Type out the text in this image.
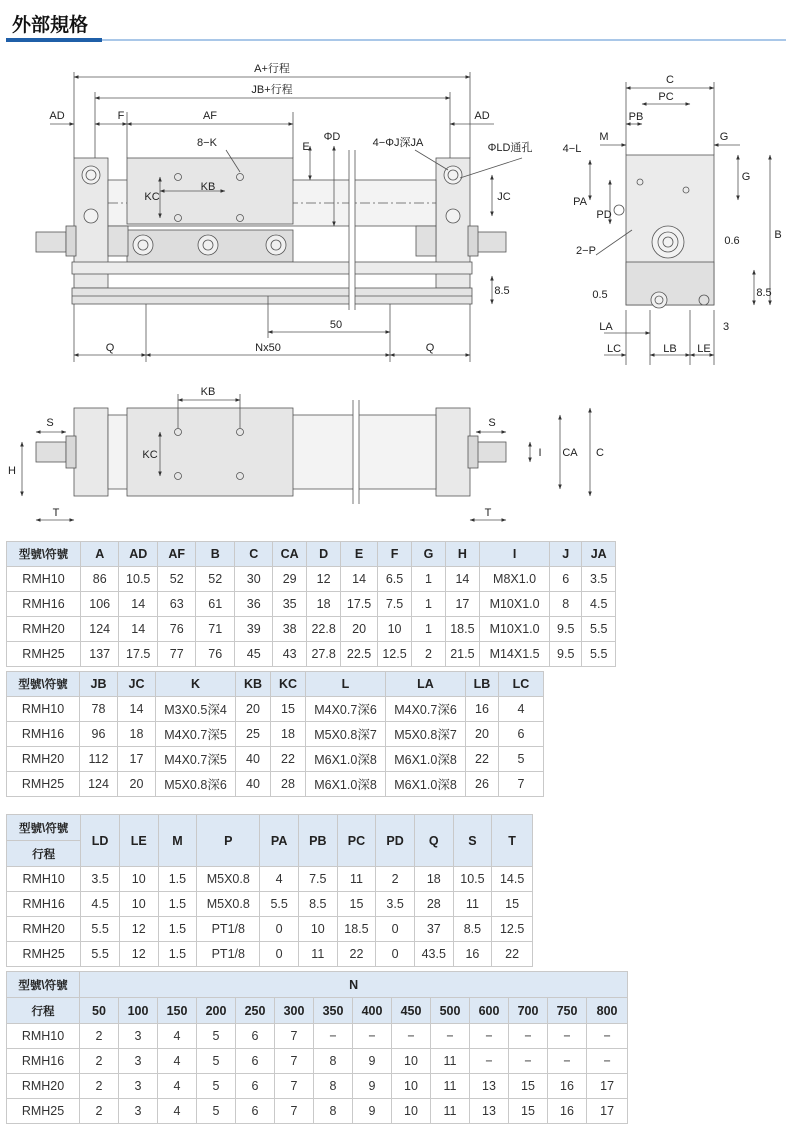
外部規格
A+行程
JB+行程
AD	F	AF	AD
8−K	E
ΦD	4−ΦJ深JA	ΦLD通孔
KB
KC	JC
8.5
50
Q	Nx50	Q
C
PC
PB
M	G
G
4−L
PA
PD
2−P
0.6	B
0.5	8.5
LA	3
LC	LB LE
KB
KC
S	S
H
I CA C
T	T
型號\符號	A	AD	AF	B	C	CA	D	E	F	G	H	I	J	JA
RMH10	86	10.5	52	52	30	29	12	14	6.5	1	14	M8X1.0	6	3.5
RMH16	106	14	63	61	36	35	18	17.5	7.5	1	17	M10X1.0	8	4.5
RMH20	124	14	76	71	39	38	22.8	20	10	1	18.5	M10X1.0	9.5	5.5
RMH25	137	17.5	77	76	45	43	27.8	22.5	12.5	2	21.5	M14X1.5	9.5	5.5
型號\符號	JB	JC	K	KB	KC	L	LA	LB	LC
RMH10	78	14	M3X0.5深4	20	15	M4X0.7深6	M4X0.7深6	16	4
RMH16	96	18	M4X0.7深5	25	18	M5X0.8深7	M5X0.8深7	20	6
RMH20	112	17	M4X0.7深5	40	22	M6X1.0深8	M6X1.0深8	22	5
RMH25	124	20	M5X0.8深6	40	28	M6X1.0深8	M6X1.0深8	26	7
型號\符號	LD	LE	M	P	PA	PB	PC	PD	Q	S	T
行程											
RMH10	3.5	10	1.5	M5X0.8	4	7.5	11	2	18	10.5	14.5
RMH16	4.5	10	1.5	M5X0.8	5.5	8.5	15	3.5	28	11	15
RMH20	5.5	12	1.5	PT1/8	0	10	18.5	0	37	8.5	12.5
RMH25	5.5	12	1.5	PT1/8	0	11	22	0	43.5	16	22
型號\符號	N													
行程	50	100	150	200	250	300	350	400	450	500	600	700	750	800
RMH10	2	3	4	5	6	7	−	−	−	−	−	−	−	−
RMH16	2	3	4	5	6	7	8	9	10	11	−	−	−	−
RMH20	2	3	4	5	6	7	8	9	10	11	13	15	16	17
RMH25	2	3	4	5	6	7	8	9	10	11	13	15	16	17
